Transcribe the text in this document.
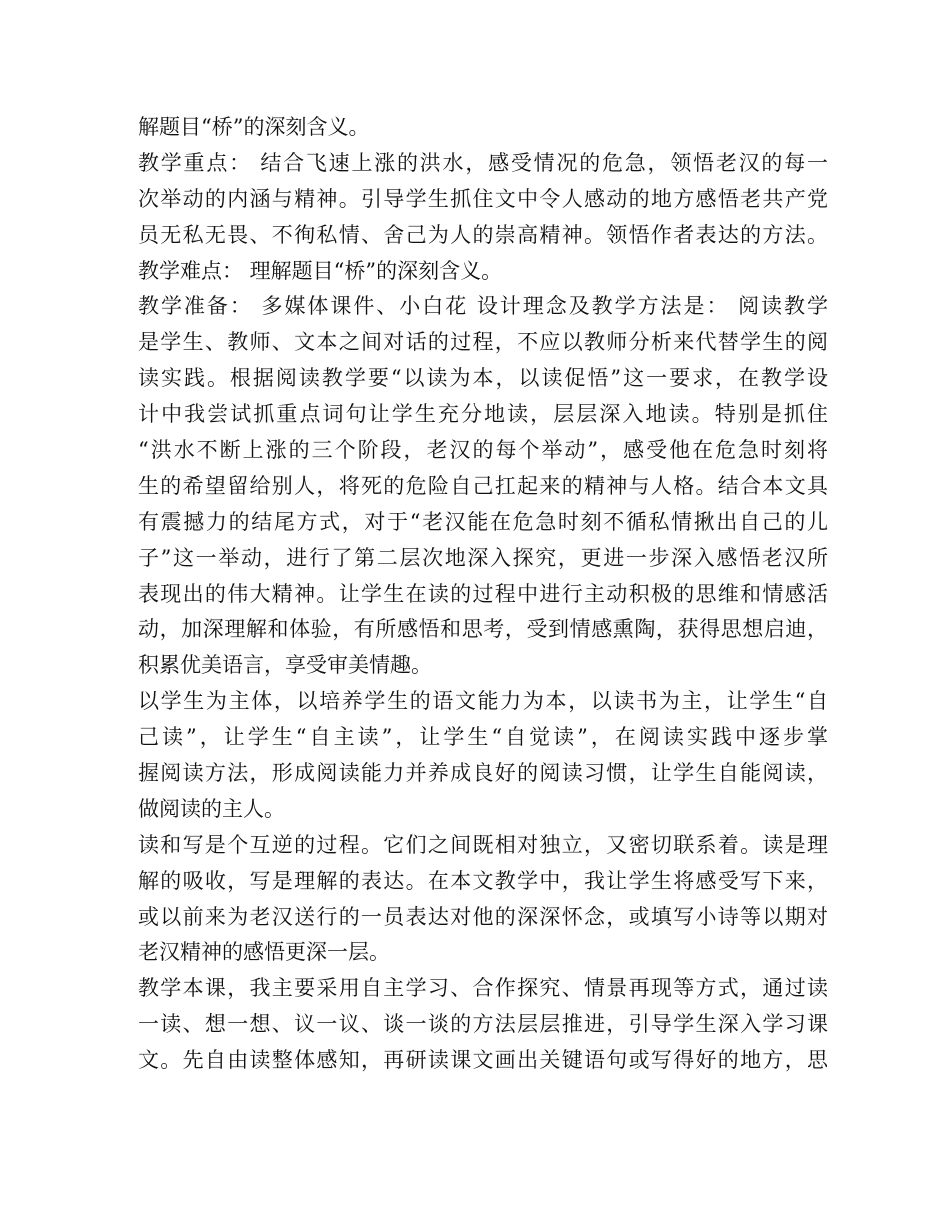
解题目“桥”的深刻含义。
教学重点： 结合飞速上涨的洪水，感受情况的危急，领悟老汉的每一
次举动的内涵与精神。引导学生抓住文中令人感动的地方感悟老共产党
员无私无畏、不徇私情、舍己为人的崇高精神。领悟作者表达的方法。
教学难点： 理解题目“桥”的深刻含义。
教学准备： 多媒体课件、小白花 设计理念及教学方法是： 阅读教学
是学生、教师、文本之间对话的过程，不应以教师分析来代替学生的阅
读实践。根据阅读教学要“以读为本，以读促悟”这一要求，在教学设
计中我尝试抓重点词句让学生充分地读，层层深入地读。特别是抓住
“洪水不断上涨的三个阶段，老汉的每个举动”，感受他在危急时刻将
生的希望留给别人，将死的危险自己扛起来的精神与人格。结合本文具
有震撼力的结尾方式，对于“老汉能在危急时刻不循私情揪出自己的儿
子”这一举动，进行了第二层次地深入探究，更进一步深入感悟老汉所
表现出的伟大精神。让学生在读的过程中进行主动积极的思维和情感活
动，加深理解和体验，有所感悟和思考，受到情感熏陶，获得思想启迪，
积累优美语言，享受审美情趣。
以学生为主体，以培养学生的语文能力为本，以读书为主，让学生“自
己读”，让学生“自主读”，让学生“自觉读”，在阅读实践中逐步掌
握阅读方法，形成阅读能力并养成良好的阅读习惯，让学生自能阅读，
做阅读的主人。
读和写是个互逆的过程。它们之间既相对独立，又密切联系着。读是理
解的吸收，写是理解的表达。在本文教学中，我让学生将感受写下来，
或以前来为老汉送行的一员表达对他的深深怀念，或填写小诗等以期对
老汉精神的感悟更深一层。
教学本课，我主要采用自主学习、合作探究、情景再现等方式，通过读
一读、想一想、议一议、谈一谈的方法层层推进，引导学生深入学习课
文。先自由读整体感知，再研读课文画出关键语句或写得好的地方，思
